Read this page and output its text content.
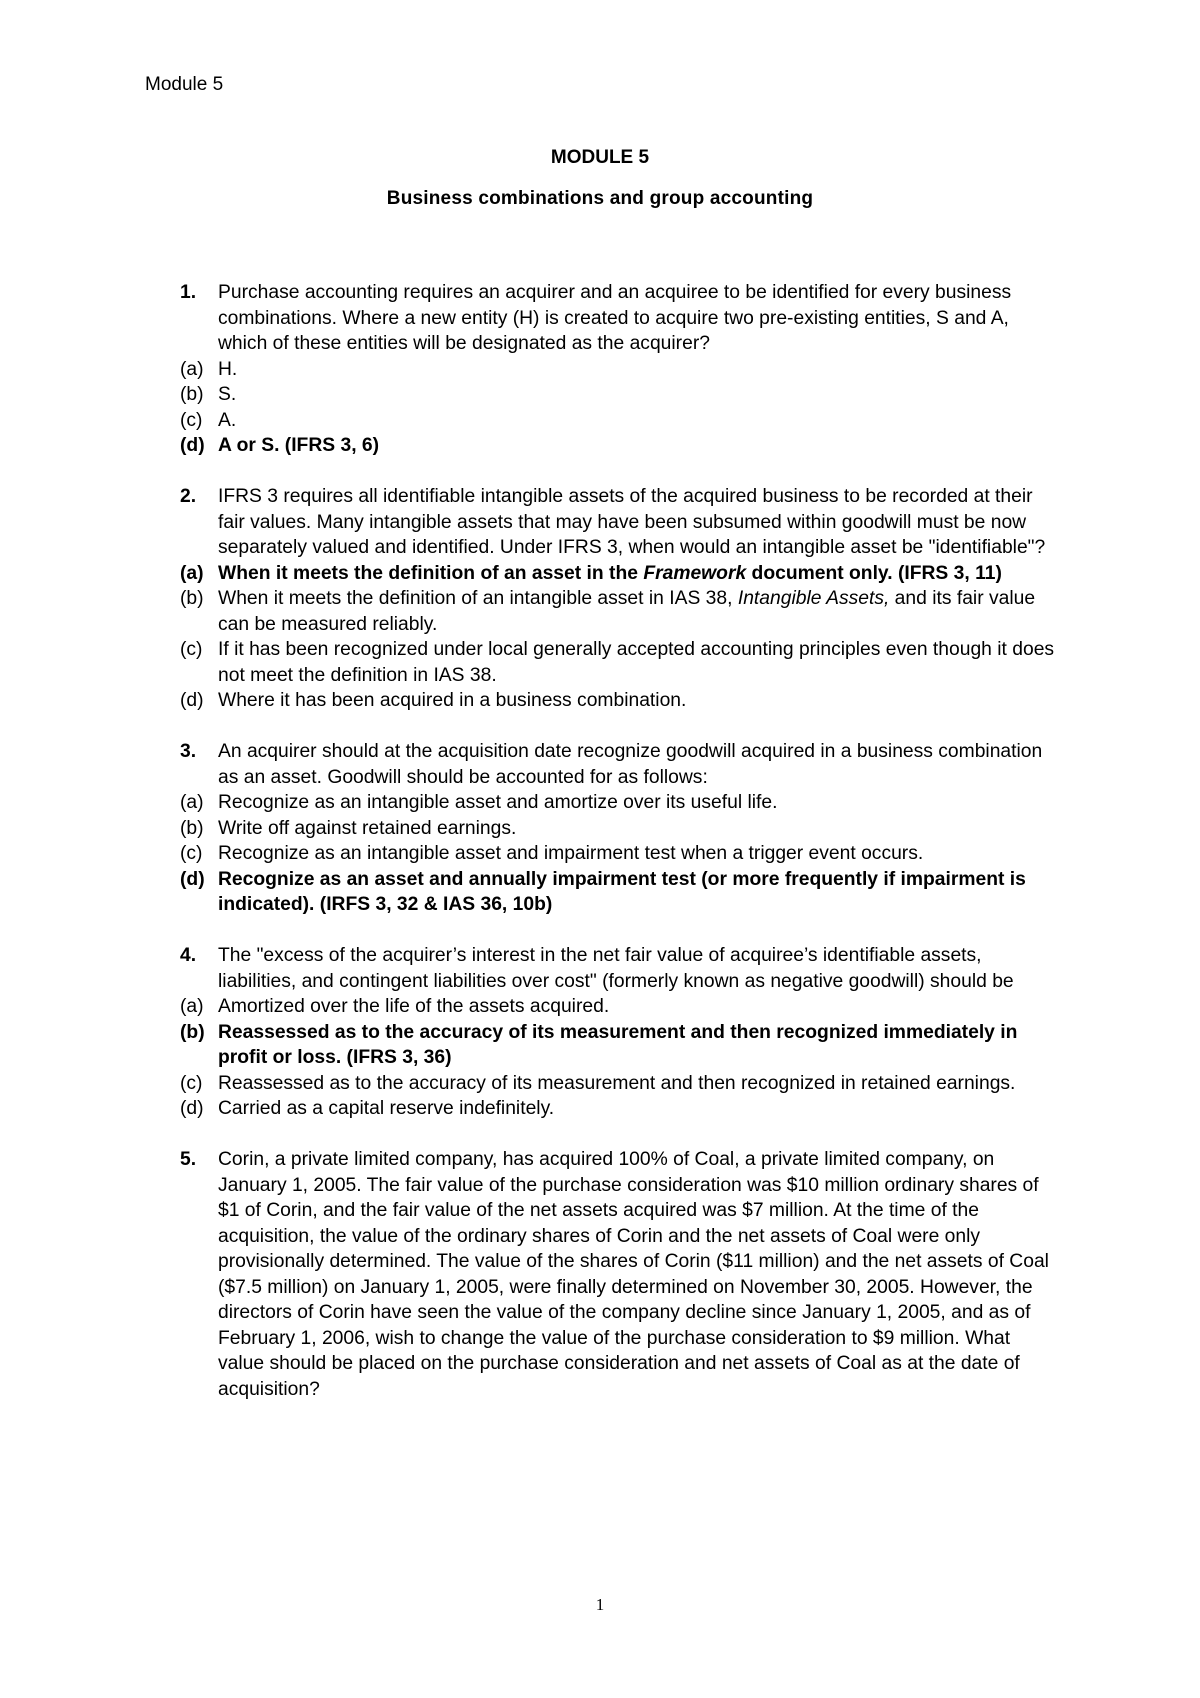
Module 5
MODULE 5
Business combinations and group accounting
1. Purchase accounting requires an acquirer and an acquiree to be identified for every business combinations. Where a new entity (H) is created to acquire two pre-existing entities, S and A, which of these entities will be designated as the acquirer?
(a) H.
(b) S.
(c) A.
(d) A or S. (IFRS 3, 6)
2. IFRS 3 requires all identifiable intangible assets of the acquired business to be recorded at their fair values. Many intangible assets that may have been subsumed within goodwill must be now separately valued and identified. Under IFRS 3, when would an intangible asset be "identifiable"?
(a) When it meets the definition of an asset in the Framework document only. (IFRS 3, 11)
(b) When it meets the definition of an intangible asset in IAS 38, Intangible Assets, and its fair value can be measured reliably.
(c) If it has been recognized under local generally accepted accounting principles even though it does not meet the definition in IAS 38.
(d) Where it has been acquired in a business combination.
3. An acquirer should at the acquisition date recognize goodwill acquired in a business combination as an asset. Goodwill should be accounted for as follows:
(a) Recognize as an intangible asset and amortize over its useful life.
(b) Write off against retained earnings.
(c) Recognize as an intangible asset and impairment test when a trigger event occurs.
(d) Recognize as an asset and annually impairment test (or more frequently if impairment is indicated). (IRFS 3, 32 & IAS 36, 10b)
4. The "excess of the acquirer’s interest in the net fair value of acquiree’s identifiable assets, liabilities, and contingent liabilities over cost" (formerly known as negative goodwill) should be
(a) Amortized over the life of the assets acquired.
(b) Reassessed as to the accuracy of its measurement and then recognized immediately in profit or loss. (IFRS 3, 36)
(c) Reassessed as to the accuracy of its measurement and then recognized in retained earnings.
(d) Carried as a capital reserve indefinitely.
5. Corin, a private limited company, has acquired 100% of Coal, a private limited company, on January 1, 2005. The fair value of the purchase consideration was $10 million ordinary shares of $1 of Corin, and the fair value of the net assets acquired was $7 million. At the time of the acquisition, the value of the ordinary shares of Corin and the net assets of Coal were only provisionally determined. The value of the shares of Corin ($11 million) and the net assets of Coal ($7.5 million) on January 1, 2005, were finally determined on November 30, 2005. However, the directors of Corin have seen the value of the company decline since January 1, 2005, and as of February 1, 2006, wish to change the value of the purchase consideration to $9 million. What value should be placed on the purchase consideration and net assets of Coal as at the date of acquisition?
1
